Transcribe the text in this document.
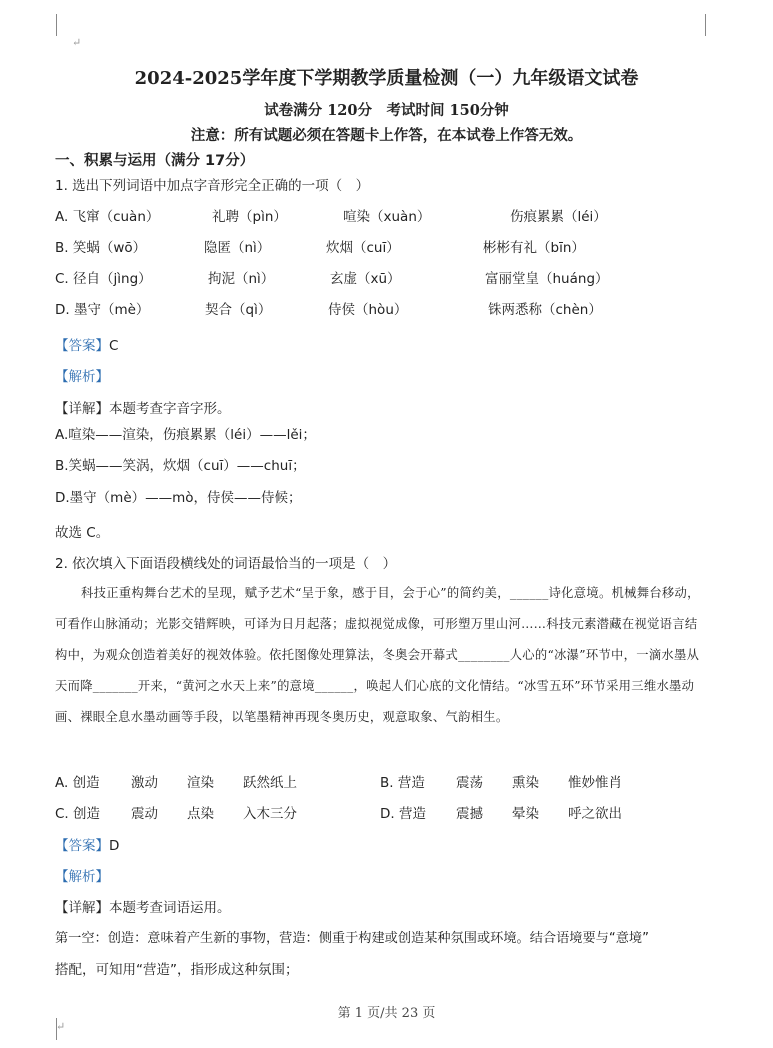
↵
2024-2025学年度下学期教学质量检测（一）九年级语文试卷
试卷满分 120分　考试时间 150分钟
注意：所有试题必须在答题卡上作答，在本试卷上作答无效。
一、积累与运用（满分 17分）
1. 选出下列词语中加点字音形完全正确的一项（　）
A. 飞窜（cuàn）	礼聘（pìn）	喧染（xuàn）	伤痕累累（léi）
B. 笑蜗（wō）	隐匿（nì）	炊烟（cuī）	彬彬有礼（bīn）
C. 径自（jìng）	拘泥（nì）	玄虚（xū）	富丽堂皇（huáng）
D. 墨守（mè）	契合（qì）	侍侯（hòu）	铢两悉称（chèn）
【答案】C
【解析】
【详解】本题考查字音字形。
A.喧染——渲染，伤痕累累（léi）——lěi；
B.笑蜗——笑涡，炊烟（cuī）——chuī；
D.墨守（mè）——mò，侍侯——侍候；
故选 C。
2. 依次填入下面语段横线处的词语最恰当的一项是（　）

科技正重构舞台艺术的呈现，赋予艺术“呈于象，感于目，会于心”的简约美，______诗化意境。机械舞台移动，可看作山脉涌动；光影交错辉映，可译为日月起落；虚拟视觉成像，可形塑万里山河……科技元素潜藏在视觉语言结构中，为观众创造着美好的视效体验。依托图像处理算法，冬奥会开幕式________人心的“冰瀑”环节中，一滴水墨从天而降_______开来，“黄河之水天上来”的意境______，唤起人们心底的文化情结。“冰雪五环”环节采用三维水墨动画、裸眼全息水墨动画等手段，以笔墨精神再现冬奥历史，观意取象、气韵相生。

A. 创造 激动 渲染 跃然纸上	B. 营造 震荡 熏染 惟妙惟肖
C. 创造 震动 点染 入木三分	D. 营造 震撼 晕染 呼之欲出
【答案】D
【解析】
【详解】本题考查词语运用。
第一空：创造：意味着产生新的事物，营造：侧重于构建或创造某种氛围或环境。结合语境要与“意境”
搭配，可知用“营造”，指形成这种氛围；
第 1 页/共 23 页
↵
